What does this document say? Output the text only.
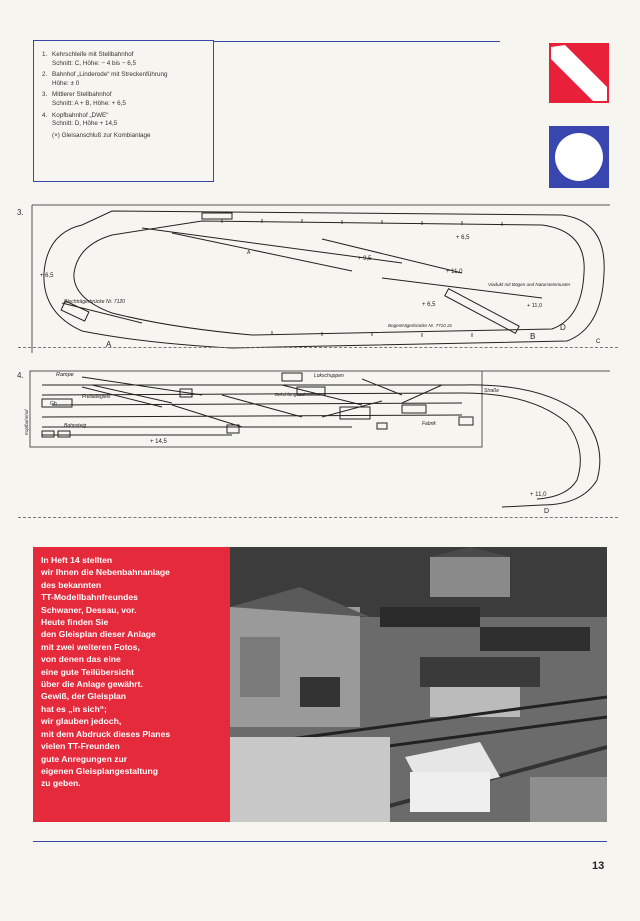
1. Kehrschleife mit Stellbahnhof
Schnitt: C, Höhe: − 4 bis − 6,5
2. Bahnhof „Linderode“ mit Streckenführung
Höhe: ± 0
3. Mittlerer Stellbahnhof
Schnitt: A + B, Höhe: + 6,5
4. Kopfbahnhof „DWE“
Schnitt: D, Höhe + 14,5
(×) Gleisanschluß zur Kombianlage
3.
+ 6,5
Blechträgerbrücke Nr. 7120
A
A
+ 9,5
+ 6,5
+ 11,0
Viadukt mit Bögen und Natursteinmuster
+ 11,0
+ 6,5
Bogenträgerbrücke Nr. 7710 2x
B
D
C
4.	Rampe
Freiladegleis
Gb
Kopfbahnhof	Bahnsteig
Lokschuppen
Bekohlungsanl
Fabrik
Straße
+ 14,5
+ 11,0
D

In Heft 14 stellten
wir Ihnen die Nebenbahnanlage
des bekannten
TT-Modellbahnfreundes
Schwaner, Dessau, vor.
Heute finden Sie
den Gleisplan dieser Anlage
mit zwei weiteren Fotos,
von denen das eine
eine gute Teilübersicht
über die Anlage gewährt.
Gewiß, der Gleisplan
hat es „in sich“;
wir glauben jedoch,
mit dem Abdruck dieses Planes
vielen TT-Freunden
gute Anregungen zur
eigenen Gleisplangestaltung
zu geben.

13
